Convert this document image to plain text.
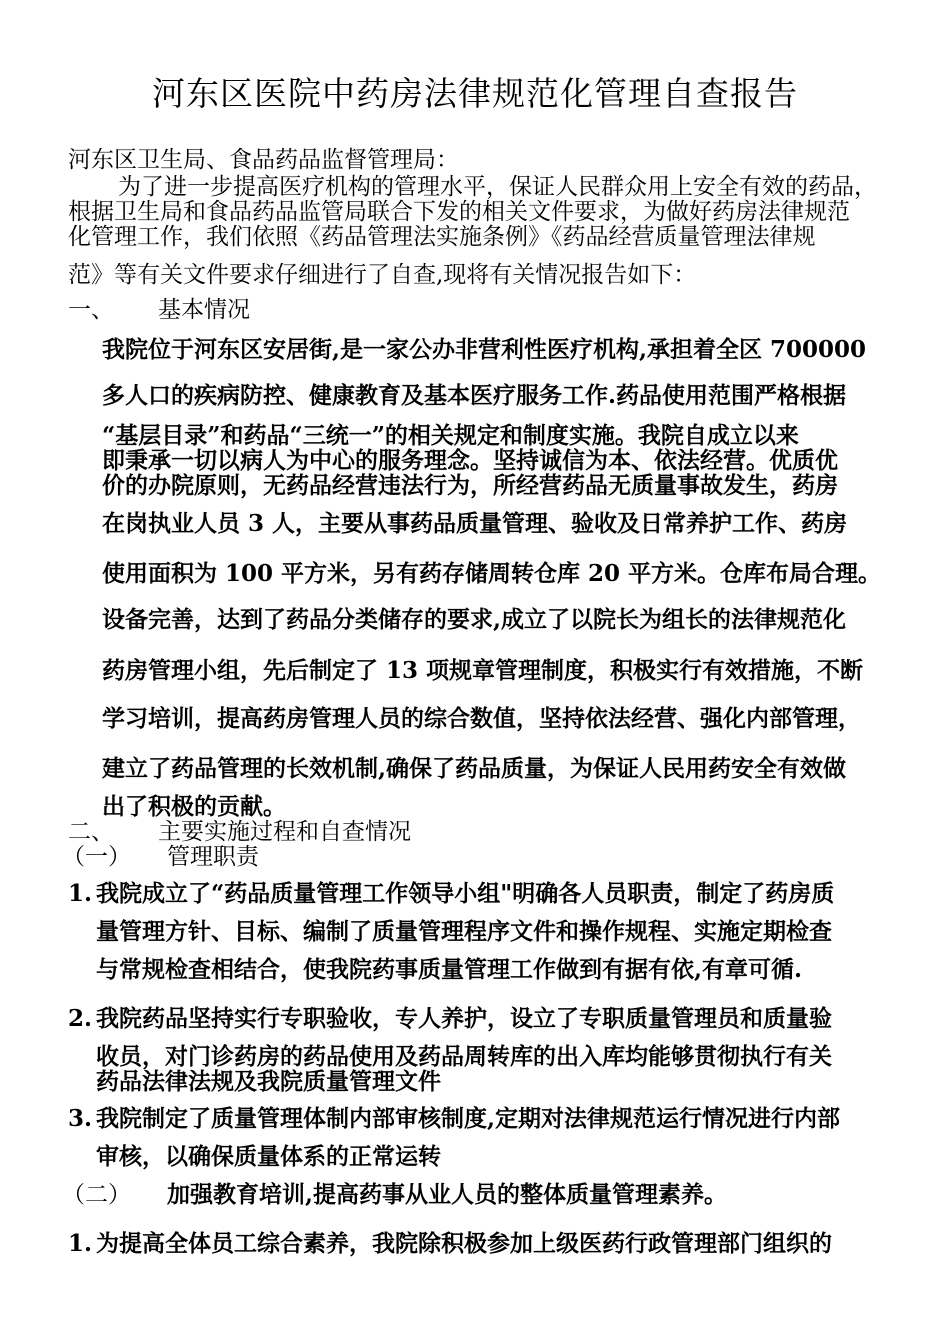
河东区医院中药房法律规范化管理自查报告
河东区卫生局、食品药品监督管理局：
为了进一步提高医疗机构的管理水平，保证人民群众用上安全有效的药品，
根据卫生局和食品药品监管局联合下发的相关文件要求，为做好药房法律规范
化管理工作，我们依照《药品管理法实施条例》《药品经营质量管理法律规
范》等有关文件要求仔细进行了自查,现将有关情况报告如下：
一、 基本情况
我院位于河东区安居街,是一家公办非营利性医疗机构,承担着全区 700000
多人口的疾病防控、健康教育及基本医疗服务工作.药品使用范围严格根据
“基层目录”和药品“三统一”的相关规定和制度实施。我院自成立以来
即秉承一切以病人为中心的服务理念。坚持诚信为本、依法经营。优质优
价的办院原则，无药品经营违法行为，所经营药品无质量事故发生，药房
在岗执业人员 3 人，主要从事药品质量管理、验收及日常养护工作、药房
使用面积为 100 平方米，另有药存储周转仓库 20 平方米。仓库布局合理。
设备完善，达到了药品分类储存的要求,成立了以院长为组长的法律规范化
药房管理小组，先后制定了 13 项规章管理制度，积极实行有效措施，不断
学习培训，提高药房管理人员的综合数值，坚持依法经营、强化内部管理，
建立了药品管理的长效机制,确保了药品质量，为保证人民用药安全有效做
出了积极的贡献。
二、 主要实施过程和自查情况
（一） 管理职责
1. 我院成立了“药品质量管理工作领导小组"明确各人员职责，制定了药房质
量管理方针、目标、编制了质量管理程序文件和操作规程、实施定期检查
与常规检查相结合，使我院药事质量管理工作做到有据有依,有章可循.
2. 我院药品坚持实行专职验收，专人养护，设立了专职质量管理员和质量验
收员，对门诊药房的药品使用及药品周转库的出入库均能够贯彻执行有关
药品法律法规及我院质量管理文件
3. 我院制定了质量管理体制内部审核制度,定期对法律规范运行情况进行内部
审核，以确保质量体系的正常运转
（二） 加强教育培训,提高药事从业人员的整体质量管理素养。
1. 为提高全体员工综合素养，我院除积极参加上级医药行政管理部门组织的
